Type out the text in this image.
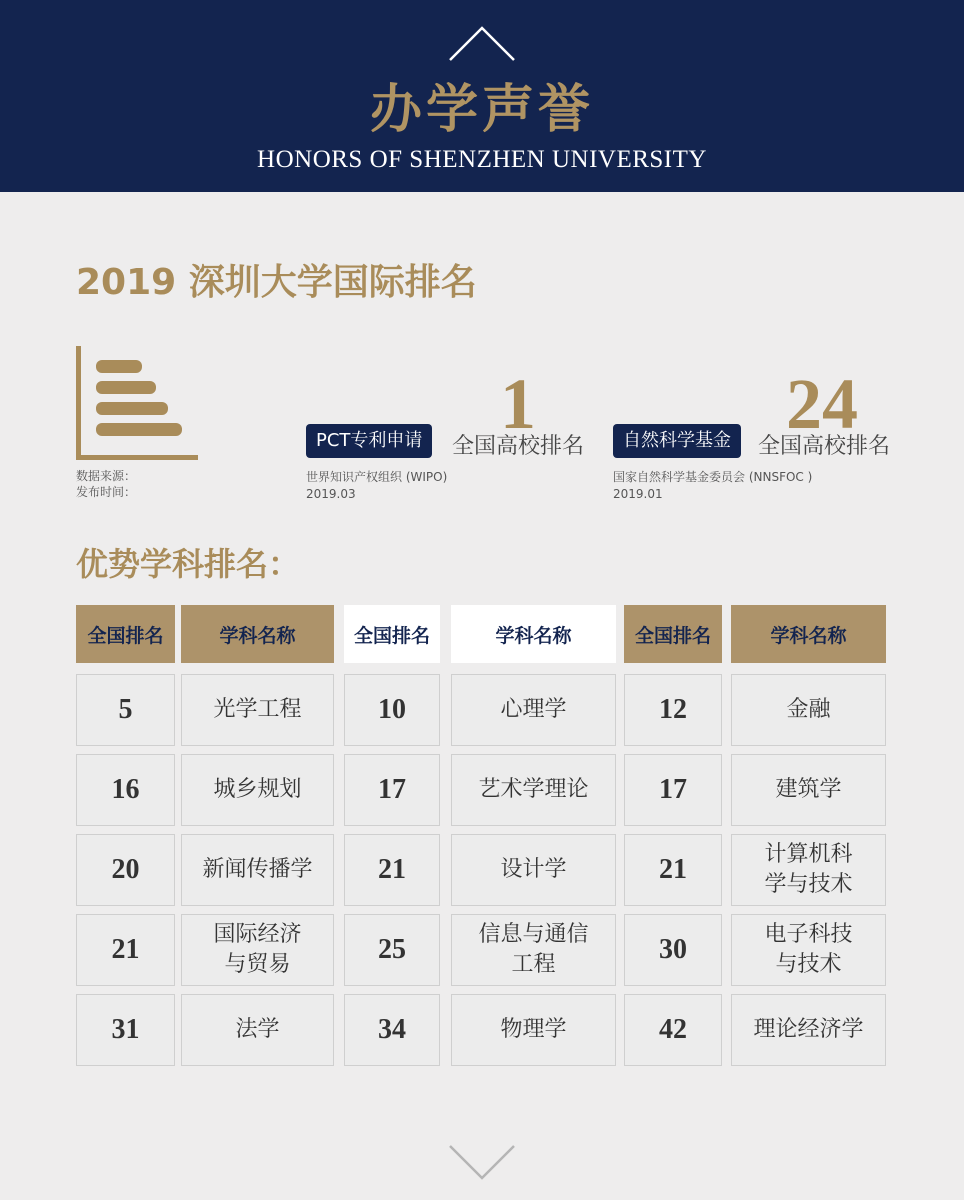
办学声誉
HONORS OF SHENZHEN UNIVERSITY
2019 深圳大学国际排名
数据来源：
发布时间：
PCT专利申请 1
全国高校排名
世界知识产权组织 (WIPO)
2019.03
自然科学基金 24
全国高校排名
国家自然科学基金委员会 (NNSFOC )
2019.01
优势学科排名：
全国排名	学科名称	全国排名	学科名称	全国排名	学科名称
5	光学工程	10	心理学	12	金融
16	城乡规划	17	艺术学理论	17	建筑学
20	新闻传播学	21	设计学	21	计算机科学与技术
21	国际经济与贸易	25	信息与通信工程	30	电子科技与技术
31	法学	34	物理学	42	理论经济学
